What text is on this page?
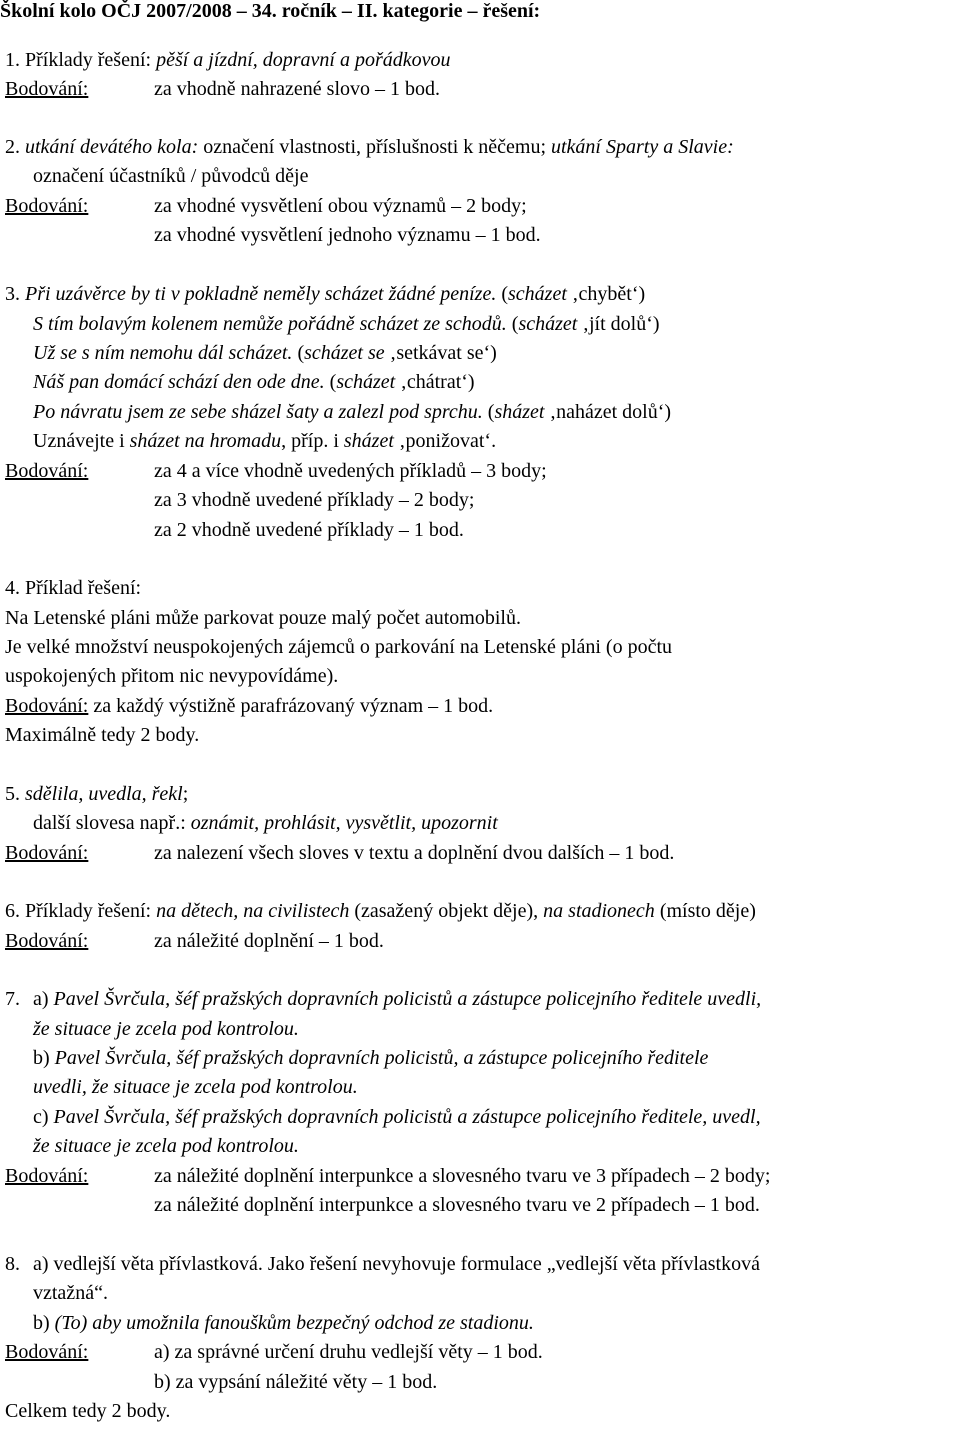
Školní kolo OČJ 2007/2008 – 34. ročník – II. kategorie – řešení:
1. Příklady řešení: pěší a jízdní, dopravní a pořádkovou
Bodování:	za vhodně nahrazené slovo – 1 bod.
2. utkání devátého kola: označení vlastnosti, příslušnosti k něčemu; utkání Sparty a Slavie:
označení účastníků / původců děje
Bodování:	za vhodné vysvětlení obou významů – 2 body;
za vhodné vysvětlení jednoho významu – 1 bod.
3. Při uzávěrce by ti v pokladně neměly scházet žádné peníze. (scházet ‚chybět‘)
S tím bolavým kolenem nemůže pořádně scházet ze schodů. (scházet ‚jít dolů‘)
Už se s ním nemohu dál scházet. (scházet se ‚setkávat se‘)
Náš pan domácí schází den ode dne. (scházet ‚chátrat‘)
Po návratu jsem ze sebe sházel šaty a zalezl pod sprchu. (sházet ‚naházet dolů‘)
Uznávejte i sházet na hromadu, příp. i sházet ‚ponižovat‘.
Bodování:	za 4 a více vhodně uvedených příkladů – 3 body;
za 3 vhodně uvedené příklady – 2 body;
za 2 vhodně uvedené příklady – 1 bod.
4. Příklad řešení:
Na Letenské pláni může parkovat pouze malý počet automobilů.
Je velké množství neuspokojených zájemců o parkování na Letenské pláni (o počtu
uspokojených přitom nic nevypovídáme).
Bodování: za každý výstižně parafrázovaný význam – 1 bod.
Maximálně tedy 2 body.
5. sdělila, uvedla, řekl;
další slovesa např.: oznámit, prohlásit, vysvětlit, upozornit
Bodování:	za nalezení všech sloves v textu a doplnění dvou dalších – 1 bod.
6. Příklady řešení: na dětech, na civilistech (zasažený objekt děje), na stadionech (místo děje)
Bodování:	za náležité doplnění – 1 bod.
7. a) Pavel Švrčula, šéf pražských dopravních policistů a zástupce policejního ředitele uvedli,
že situace je zcela pod kontrolou.
b) Pavel Švrčula, šéf pražských dopravních policistů, a zástupce policejního ředitele
uvedli, že situace je zcela pod kontrolou.
c) Pavel Švrčula, šéf pražských dopravních policistů a zástupce policejního ředitele, uvedl,
že situace je zcela pod kontrolou.
Bodování:	za náležité doplnění interpunkce a slovesného tvaru ve 3 případech – 2 body;
za náležité doplnění interpunkce a slovesného tvaru ve 2 případech – 1 bod.
8. a) vedlejší věta přívlastková. Jako řešení nevyhovuje formulace „vedlejší věta přívlastková
vztažná“.
b) (To) aby umožnila fanouškům bezpečný odchod ze stadionu.
Bodování:	a) za správné určení druhu vedlejší věty – 1 bod.
b) za vypsání náležité věty – 1 bod.
Celkem tedy 2 body.
